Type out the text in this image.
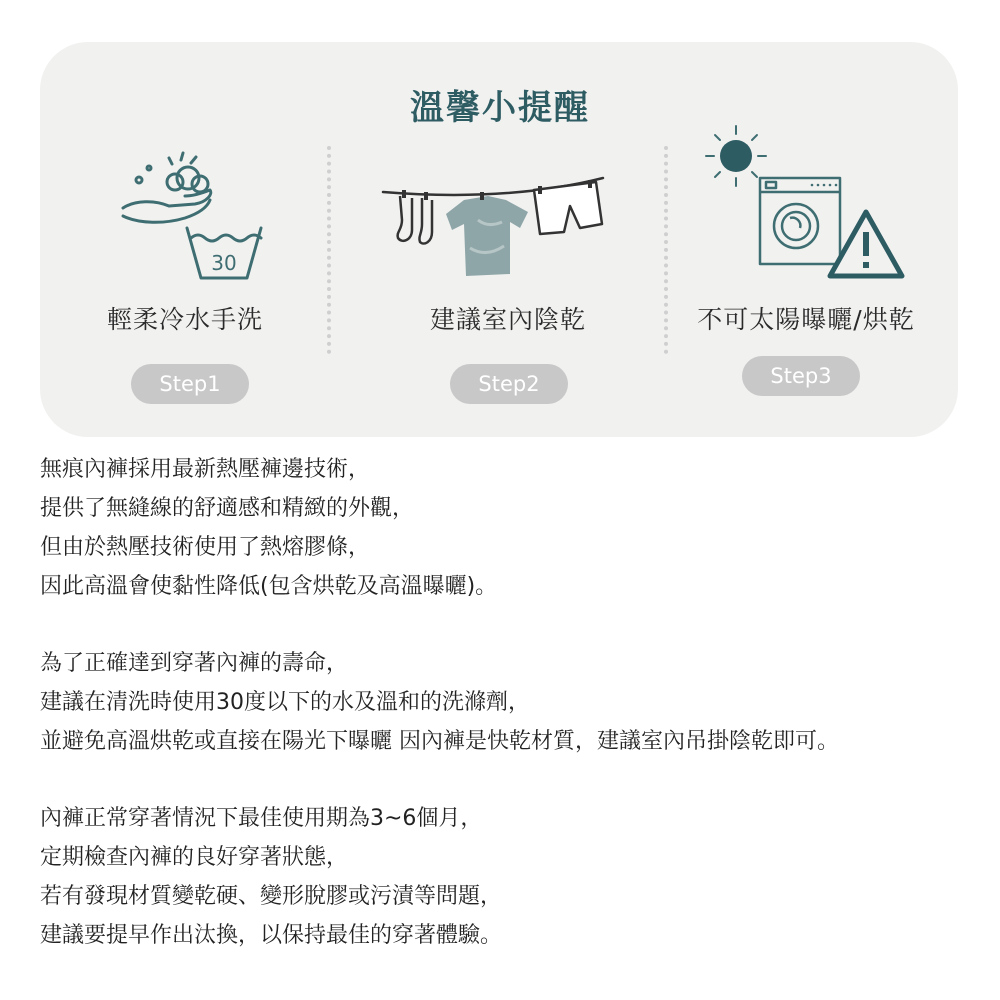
溫馨小提醒
30
輕柔冷水手洗
Step1
建議室內陰乾
Step2
不可太陽曝曬/烘乾
Step3
無痕內褲採用最新熱壓褲邊技術，
提供了無縫線的舒適感和精緻的外觀，
但由於熱壓技術使用了熱熔膠條，
因此高溫會使黏性降低(包含烘乾及高溫曝曬)。
為了正確達到穿著內褲的壽命，
建議在清洗時使用30度以下的水及溫和的洗滌劑，
並避免高溫烘乾或直接在陽光下曝曬 因內褲是快乾材質，建議室內吊掛陰乾即可。
內褲正常穿著情況下最佳使用期為3~6個月，
定期檢查內褲的良好穿著狀態，
若有發現材質變乾硬、變形脫膠或污漬等問題，
建議要提早作出汰換，以保持最佳的穿著體驗。
